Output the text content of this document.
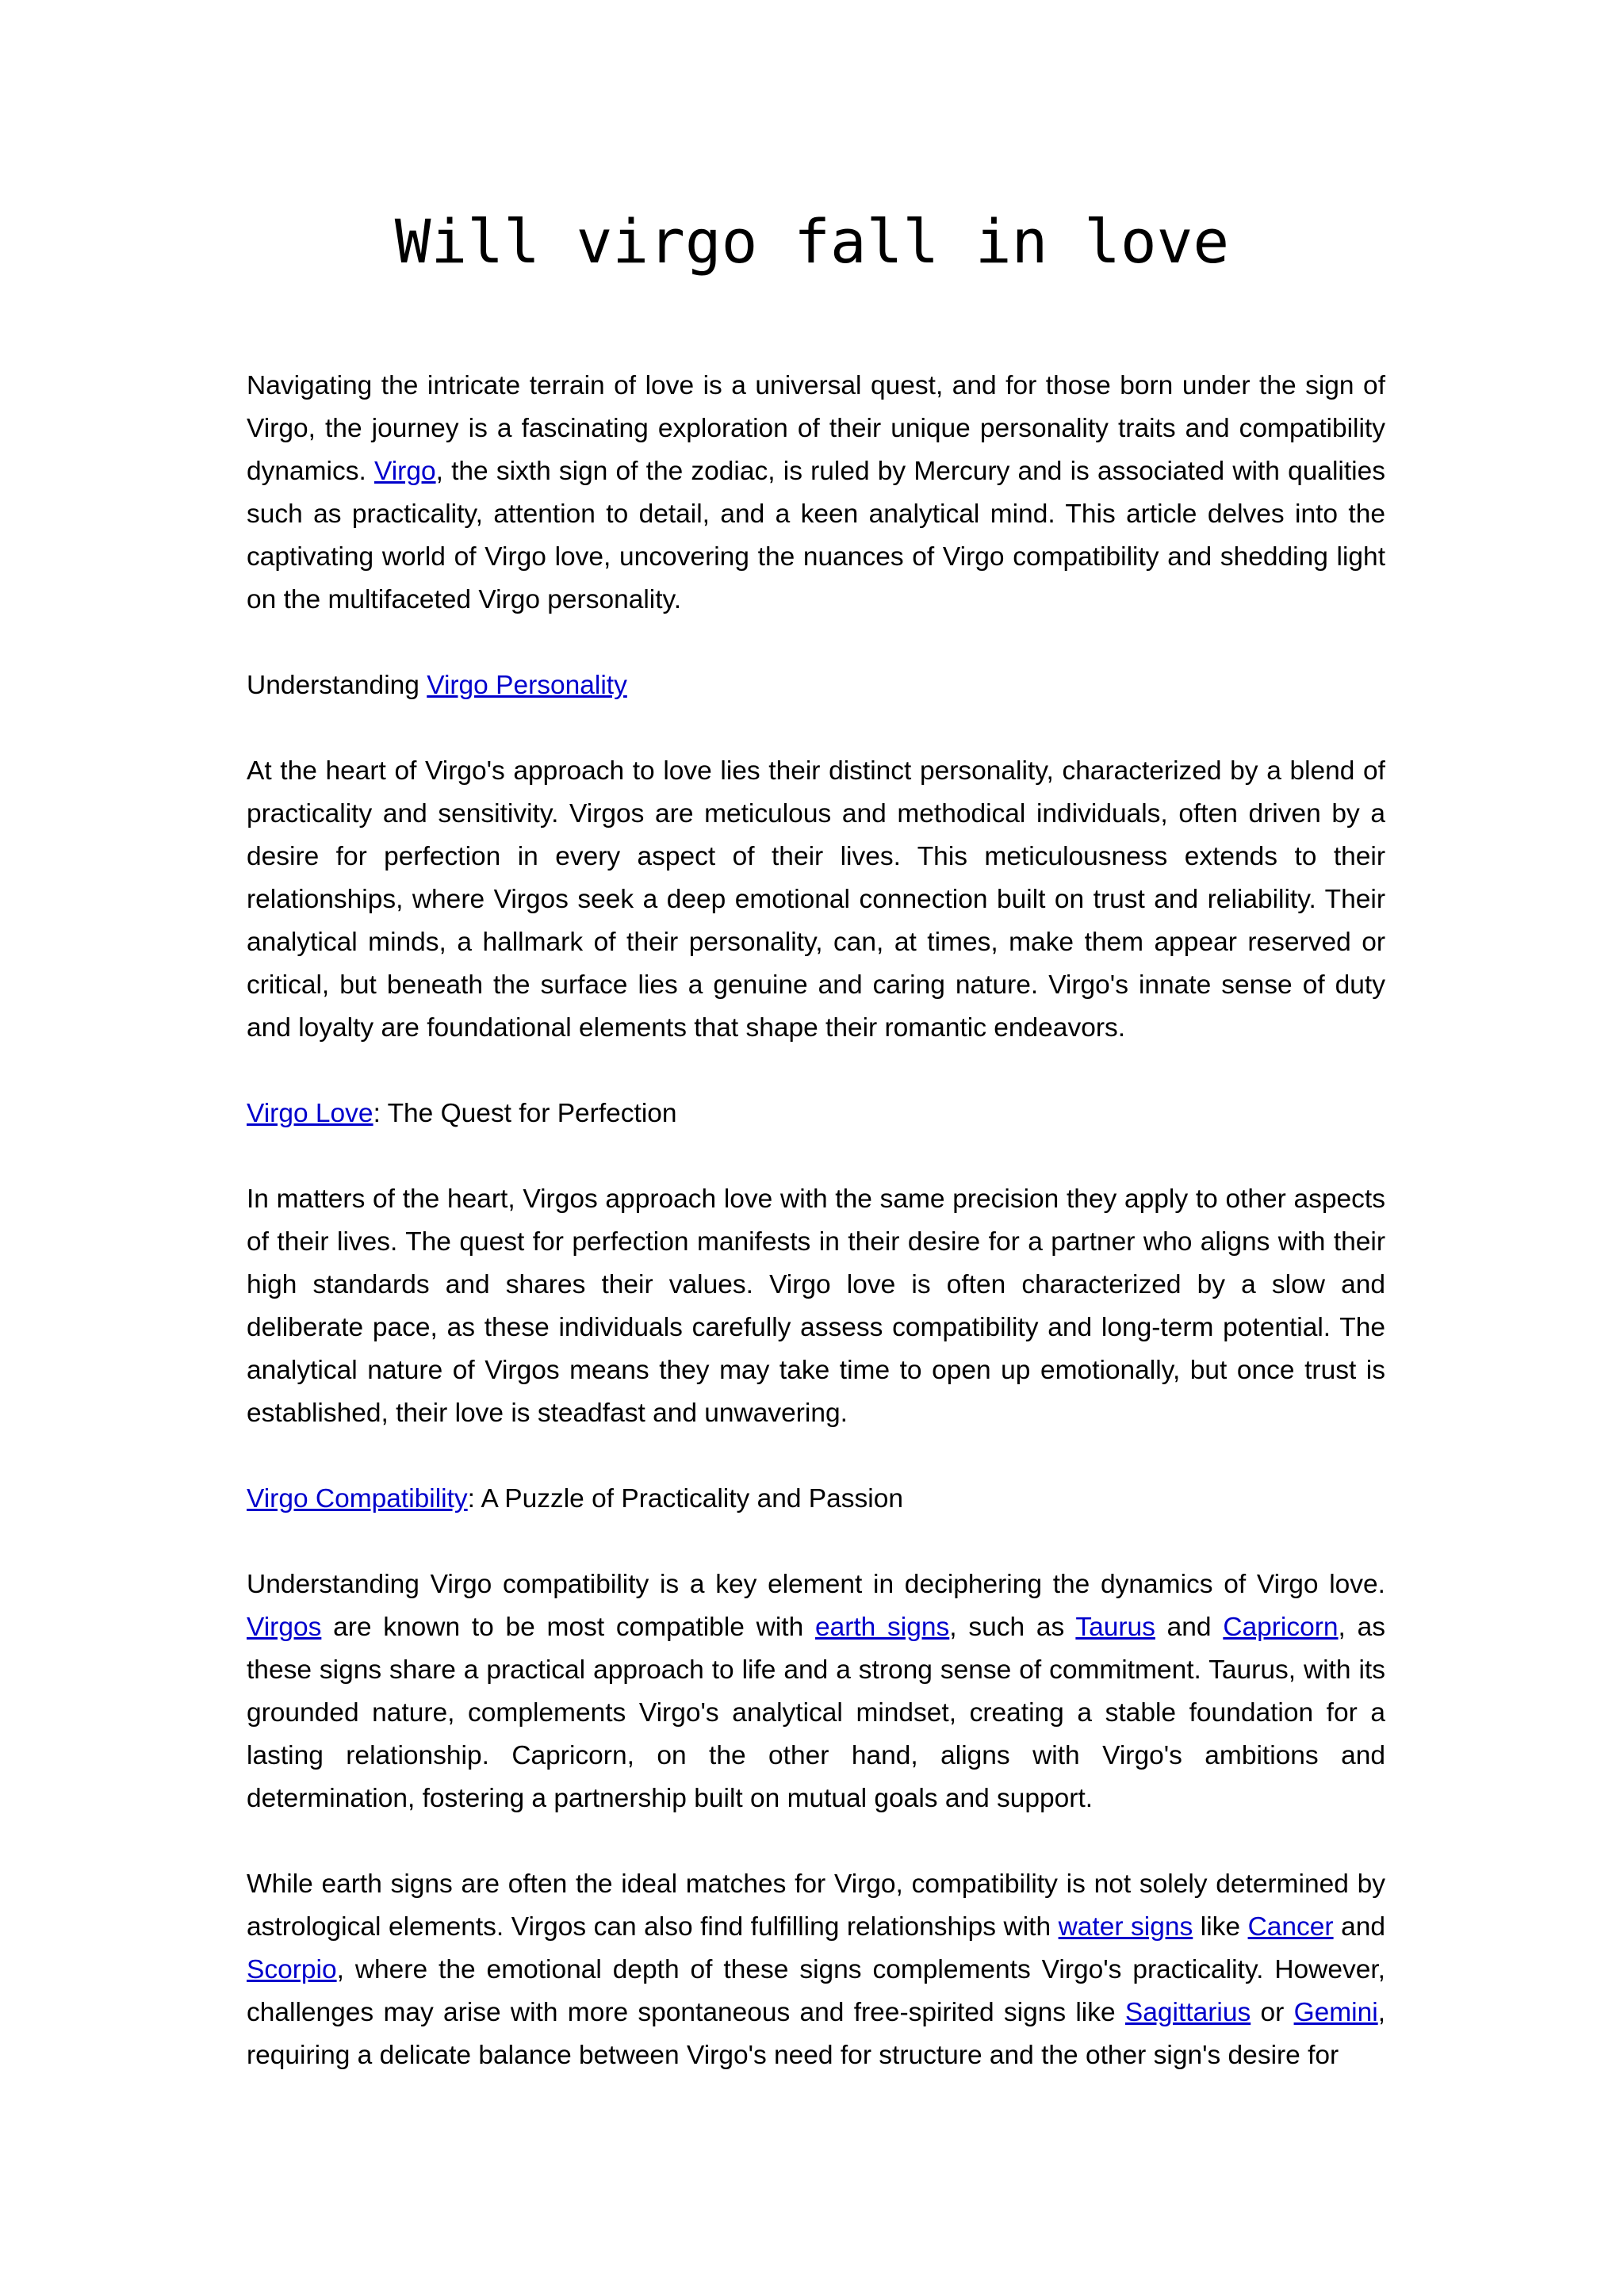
Will virgo fall in love

Navigating the intricate terrain of love is a universal quest, and for those born under the sign of Virgo, the journey is a fascinating exploration of their unique personality traits and compatibility dynamics. Virgo, the sixth sign of the zodiac, is ruled by Mercury and is associated with qualities such as practicality, attention to detail, and a keen analytical mind. This article delves into the captivating world of Virgo love, uncovering the nuances of Virgo compatibility and shedding light on the multifaceted Virgo personality.

Understanding Virgo Personality

At the heart of Virgo's approach to love lies their distinct personality, characterized by a blend of practicality and sensitivity. Virgos are meticulous and methodical individuals, often driven by a desire for perfection in every aspect of their lives. This meticulousness extends to their relationships, where Virgos seek a deep emotional connection built on trust and reliability. Their analytical minds, a hallmark of their personality, can, at times, make them appear reserved or critical, but beneath the surface lies a genuine and caring nature. Virgo's innate sense of duty and loyalty are foundational elements that shape their romantic endeavors.

Virgo Love: The Quest for Perfection

In matters of the heart, Virgos approach love with the same precision they apply to other aspects of their lives. The quest for perfection manifests in their desire for a partner who aligns with their high standards and shares their values. Virgo love is often characterized by a slow and deliberate pace, as these individuals carefully assess compatibility and long-term potential. The analytical nature of Virgos means they may take time to open up emotionally, but once trust is established, their love is steadfast and unwavering.

Virgo Compatibility: A Puzzle of Practicality and Passion

Understanding Virgo compatibility is a key element in deciphering the dynamics of Virgo love. Virgos are known to be most compatible with earth signs, such as Taurus and Capricorn, as these signs share a practical approach to life and a strong sense of commitment. Taurus, with its grounded nature, complements Virgo's analytical mindset, creating a stable foundation for a lasting relationship. Capricorn, on the other hand, aligns with Virgo's ambitions and determination, fostering a partnership built on mutual goals and support.

While earth signs are often the ideal matches for Virgo, compatibility is not solely determined by astrological elements. Virgos can also find fulfilling relationships with water signs like Cancer and Scorpio, where the emotional depth of these signs complements Virgo's practicality. However, challenges may arise with more spontaneous and free-spirited signs like Sagittarius or Gemini, requiring a delicate balance between Virgo's need for structure and the other sign's desire for
